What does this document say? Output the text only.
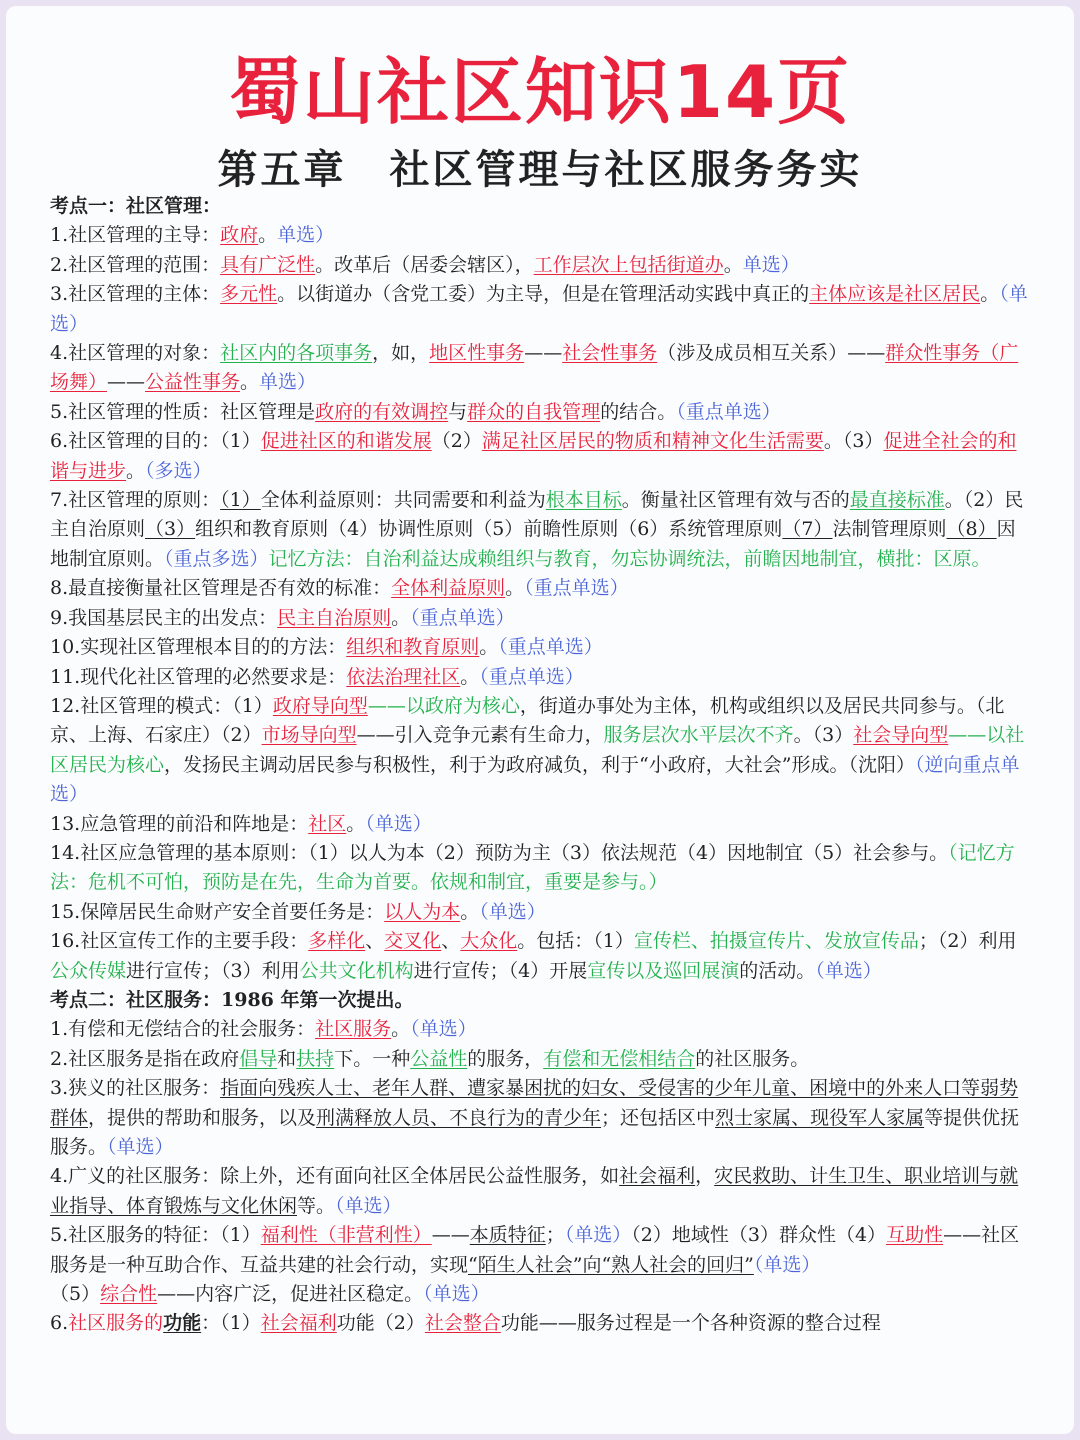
蜀山社区知识14页
第五章　社区管理与社区服务务实

考点一：社区管理：

1.社区管理的主导：政府。单选）

2.社区管理的范围：具有广泛性。改革后（居委会辖区），工作层次上包括街道办。单选）

3.社区管理的主体：多元性。以街道办（含党工委）为主导，但是在管理活动实践中真正的主体应该是社区居民。（单选）

4.社区管理的对象：社区内的各项事务，如，地区性事务——社会性事务（涉及成员相互关系）——群众性事务（广场舞）——公益性事务。单选）

5.社区管理的性质：社区管理是政府的有效调控与群众的自我管理的结合。（重点单选）

6.社区管理的目的：（1）促进社区的和谐发展（2）满足社区居民的物质和精神文化生活需要。（3）促进全社会的和谐与进步。（多选）

7.社区管理的原则：（1）全体利益原则：共同需要和利益为根本目标。衡量社区管理有效与否的最直接标准。（2）民主自治原则（3）组织和教育原则（4）协调性原则（5）前瞻性原则（6）系统管理原则（7）法制管理原则（8）因地制宜原则。（重点多选）记忆方法：自治利益达成赖组织与教育，勿忘协调统法，前瞻因地制宜，横批：区原。

8.最直接衡量社区管理是否有效的标准：全体利益原则。（重点单选）

9.我国基层民主的出发点：民主自治原则。（重点单选）

10.实现社区管理根本目的的方法：组织和教育原则。（重点单选）

11.现代化社区管理的必然要求是：依法治理社区。（重点单选）

12.社区管理的模式：（1）政府导向型——以政府为核心，街道办事处为主体，机构或组织以及居民共同参与。（北京、上海、石家庄）（2）市场导向型——引入竞争元素有生命力，服务层次水平层次不齐。（3）社会导向型——以社区居民为核心，发扬民主调动居民参与积极性，利于为政府减负，利于“小政府，大社会”形成。（沈阳）（逆向重点单选）

13.应急管理的前沿和阵地是：社区。（单选）

14.社区应急管理的基本原则：（1）以人为本（2）预防为主（3）依法规范（4）因地制宜（5）社会参与。（记忆方法：危机不可怕，预防是在先，生命为首要。依规和制宜，重要是参与。）

15.保障居民生命财产安全首要任务是：以人为本。（单选）

16.社区宣传工作的主要手段：多样化、交叉化、大众化。包括：（1）宣传栏、拍摄宣传片、发放宣传品；（2）利用公众传媒进行宣传；（3）利用公共文化机构进行宣传；（4）开展宣传以及巡回展演的活动。（单选）

考点二：社区服务：1986 年第一次提出。

1.有偿和无偿结合的社会服务：社区服务。（单选）

2.社区服务是指在政府倡导和扶持下。一种公益性的服务，有偿和无偿相结合的社区服务。

3.狭义的社区服务：指面向残疾人士、老年人群、遭家暴困扰的妇女、受侵害的少年儿童、困境中的外来人口等弱势群体，提供的帮助和服务，以及刑满释放人员、不良行为的青少年；还包括区中烈士家属、现役军人家属等提供优抚服务。（单选）

4.广义的社区服务：除上外，还有面向社区全体居民公益性服务，如社会福利，灾民救助、计生卫生、职业培训与就业指导、体育锻炼与文化休闲等。（单选）

5.社区服务的特征：（1）福利性（非营利性）——本质特征；（单选）（2）地域性（3）群众性（4）互助性——社区服务是一种互助合作、互益共建的社会行动，实现“陌生人社会”向“熟人社会的回归”（单选）
（5）综合性——内容广泛，促进社区稳定。（单选）

6.社区服务的功能：（1）社会福利功能（2）社会整合功能——服务过程是一个各种资源的整合过程
